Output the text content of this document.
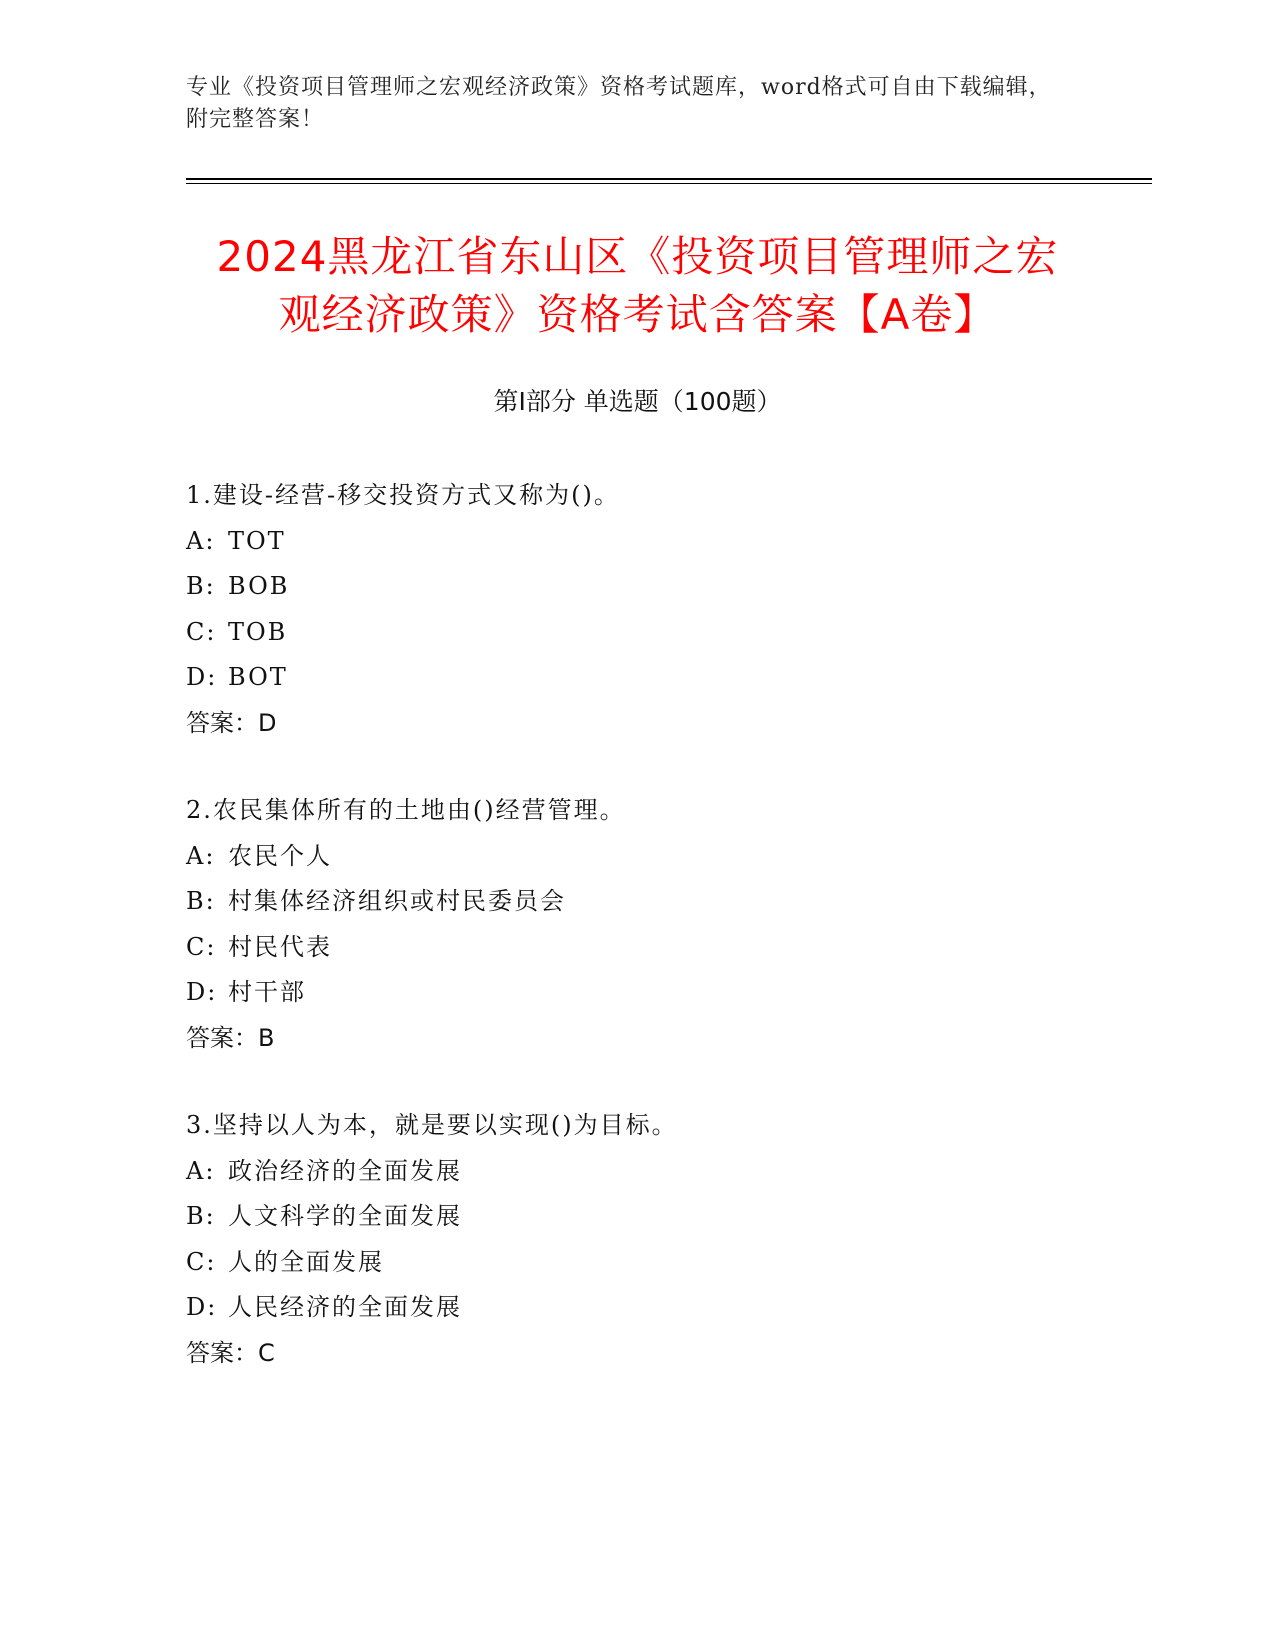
专业《投资项目管理师之宏观经济政策》资格考试题库，word格式可自由下载编辑，附完整答案！
2024黑龙江省东山区《投资项目管理师之宏
观经济政策》资格考试含答案【A卷】
第Ⅰ部分 单选题（100题）
1.建设-经营-移交投资方式又称为()。
A: TOT
B: BOB
C: TOB
D: BOT
答案：D
2.农民集体所有的土地由()经营管理。
A: 农民个人
B: 村集体经济组织或村民委员会
C: 村民代表
D: 村干部
答案：B
3.坚持以人为本，就是要以实现()为目标。
A: 政治经济的全面发展
B: 人文科学的全面发展
C: 人的全面发展
D: 人民经济的全面发展
答案：C
